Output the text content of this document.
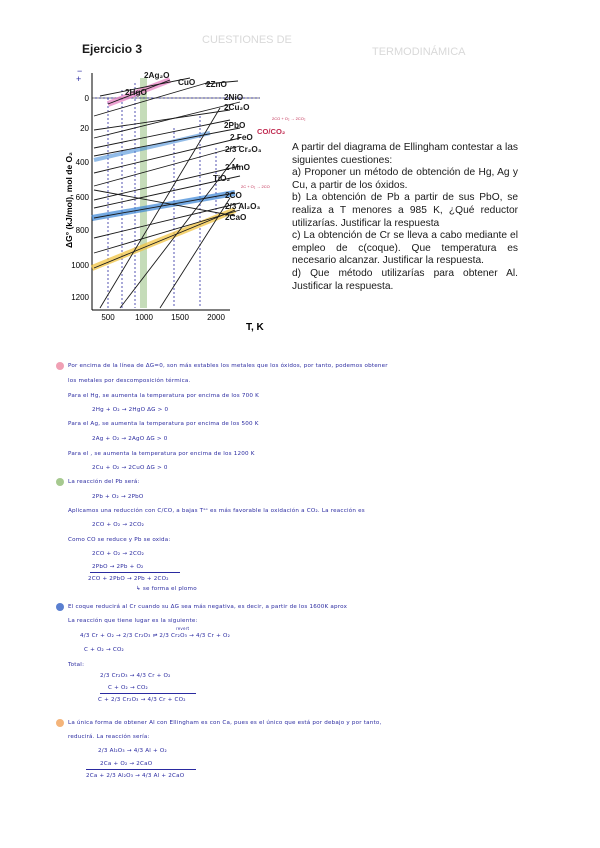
CUESTIONES DE
TERMODINÁMICA
Ejercicio 3
+
−
0
20
400
600
800
1000
1200
500	1000 1500 2000
T, K
ΔG° (kJ/mol), mol de O₂
2Ag₂O
CuO
2HgO
2ZnO
2NiO
2Cu₂O
2PbO
CO/CO₂
2 FeO
2/3 Cr₂O₃
2 MnO
TiO₂
2CO
2/3 Al₂O₃
2CaO
2CO + O₂ → 2CO₂
2C + O₂ → 2CO

A partir del diagrama de Ellingham contestar a las siguientes cuestiones:

a) Proponer un método de obtención de Hg, Ag y Cu, a partir de los óxidos.

b) La obtención de Pb a partir de sus PbO, se realiza a T menores a 985 K, ¿Qué reductor utilizarías. Justificar la respuesta

c) La obtención de Cr se lleva a cabo mediante el empleo de c(coque). Que temperatura es necesario alcanzar. Justificar la respuesta.

d) Que método utilizarías para obtener Al. Justificar la respuesta.

Por encima de la línea de ΔG=0, son más estables los metales que los óxidos, por tanto, podemos obtener
los metales por descomposición térmica.
Para el Hg, se aumenta la temperatura por encima de los 700 K
2Hg + O₂ → 2HgO ΔG > 0
Para el Ag, se aumenta la temperatura por encima de los 500 K
2Ag + O₂ → 2AgO ΔG > 0
Para el , se aumenta la temperatura por encima de los 1200 K
2Cu + O₂ → 2CuO ΔG > 0
La reacción del Pb será:
2Pb + O₂ → 2PbO
Aplicamos una reducción con C/CO, a bajas Tᵃˢ es más favorable la oxidación a CO₂. La reacción es
2CO + O₂ → 2CO₂
Como CO se reduce y Pb se oxida:
2CO + O₂ → 2CO₂
2PbO → 2Pb + O₂
2CO + 2PbO → 2Pb + 2CO₂
↳ se forma el plomo
El coque reducirá al Cr cuando su ΔG sea más negativa, es decir, a partir de los 1600K aprox
La reacción que tiene lugar es la siguiente:
revert
4/3 Cr + O₂ → 2/3 Cr₂O₃ ⇌ 2/3 Cr₂O₃ → 4/3 Cr + O₂
C + O₂ → CO₂
Total:
2/3 Cr₂O₃ → 4/3 Cr + O₂
C + O₂ → CO₂
C + 2/3 Cr₂O₃ → 4/3 Cr + CO₂
La única forma de obtener Al con Ellingham es con Ca, pues es el único que está por debajo y por tanto,
reducirá. La reacción sería:
2/3 Al₂O₃ → 4/3 Al + O₂
2Ca + O₂ → 2CaO
2Ca + 2/3 Al₂O₃ → 4/3 Al + 2CaO
